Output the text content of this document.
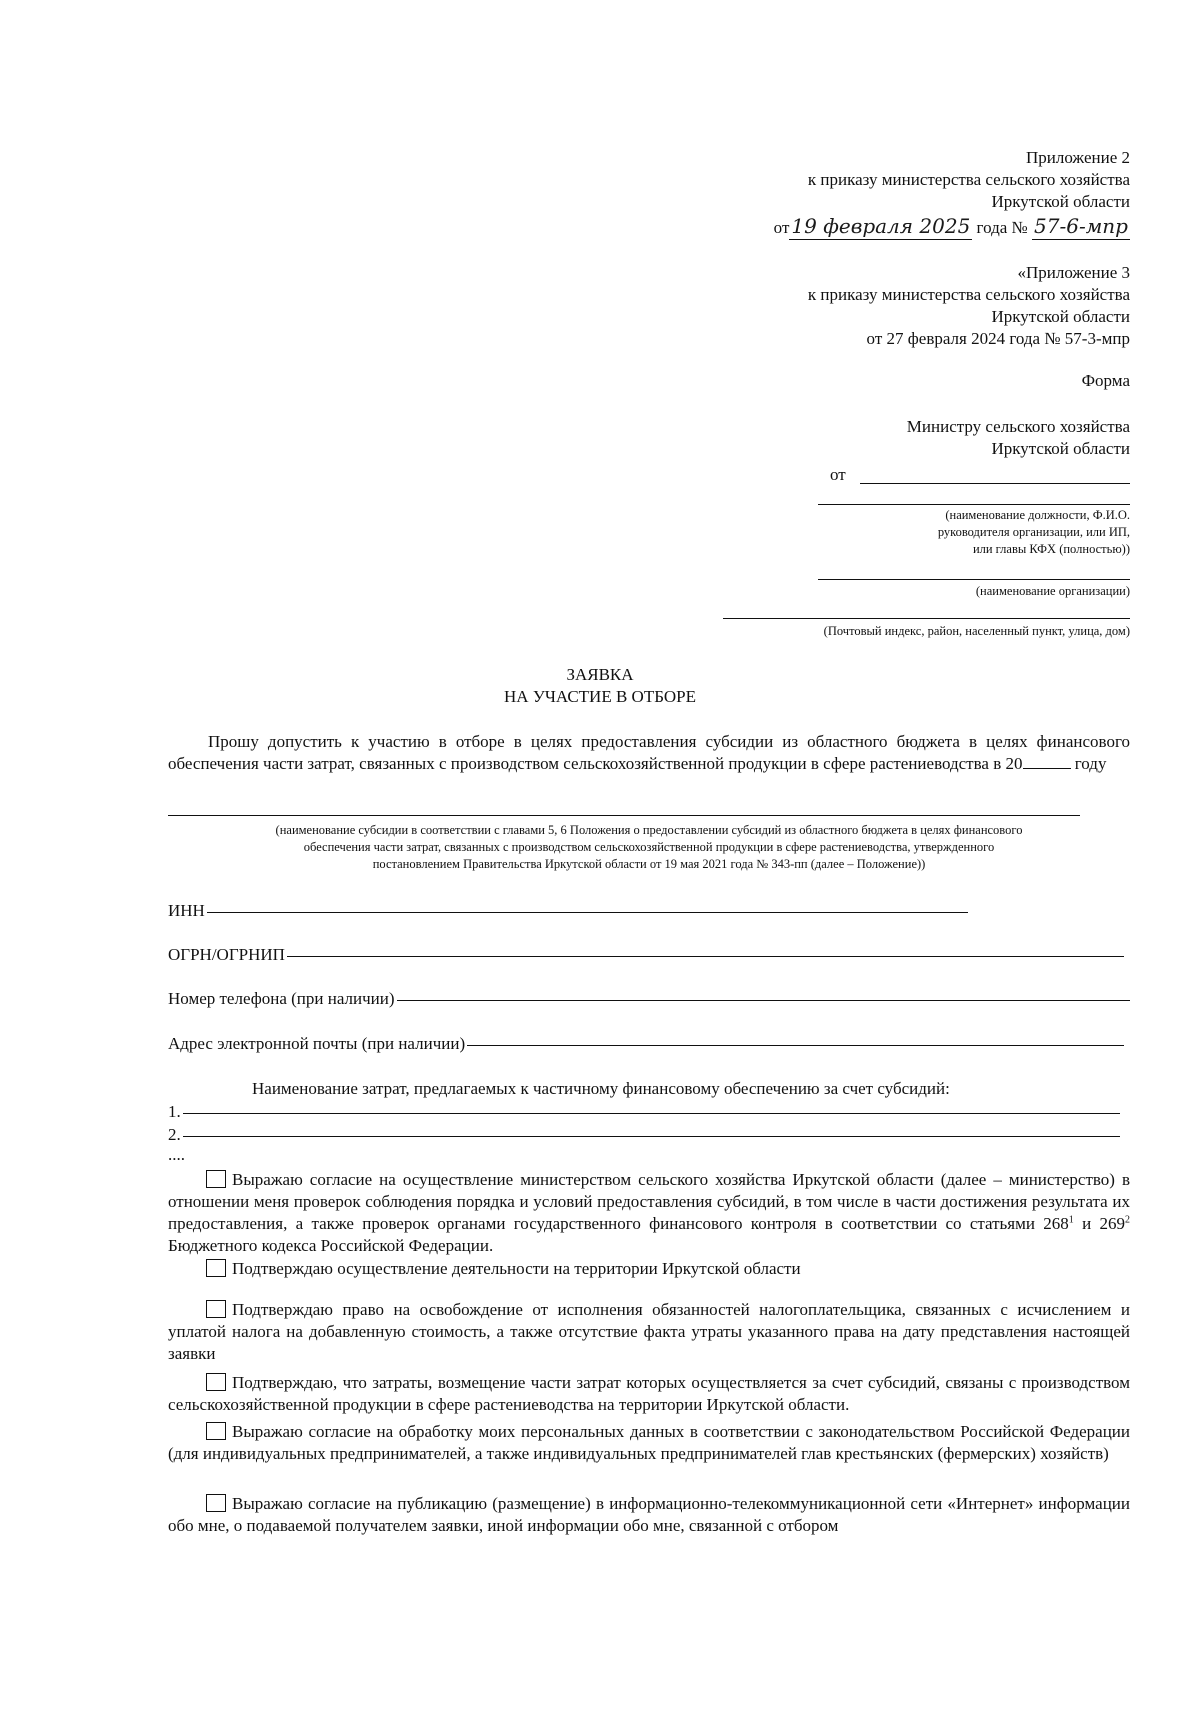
Приложение 2
к приказу министерства сельского хозяйства
Иркутской области
от 19 февраля 2025 года № 57-6-мпр
«Приложение 3
к приказу министерства сельского хозяйства
Иркутской области
от 27 февраля 2024 года № 57-3-мпр
Форма
Министру сельского хозяйства
Иркутской области
от
(наименование должности, Ф.И.О.
руководителя организации, или ИП,
или главы КФХ (полностью))
(наименование организации)
(Почтовый индекс, район, населенный пункт, улица, дом)
ЗАЯВКА
НА УЧАСТИЕ В ОТБОРЕ
Прошу допустить к участию в отборе в целях предоставления субсидии из областного бюджета в целях финансового обеспечения части затрат, связанных с производством сельскохозяйственной продукции в сфере растениеводства в 20	году
(наименование субсидии в соответствии с главами 5, 6 Положения о предоставлении субсидий из областного бюджета в целях финансового
обеспечения части затрат, связанных с производством сельскохозяйственной продукции в сфере растениеводства, утвержденного
постановлением Правительства Иркутской области от 19 мая 2021 года № 343-пп (далее – Положение))
ИНН
ОГРН/ОГРНИП
Номер телефона (при наличии)
Адрес электронной почты (при наличии)
Наименование затрат, предлагаемых к частичному финансовому обеспечению за счет субсидий:
1.
2.
....
Выражаю согласие на осуществление министерством сельского хозяйства Иркутской области (далее – министерство) в отношении меня проверок соблюдения порядка и условий предоставления субсидий, в том числе в части достижения результата их предоставления, а также проверок органами государственного финансового контроля в соответствии со статьями $268^1$ и $269^2$ Бюджетного кодекса Российской Федерации.
Подтверждаю осуществление деятельности на территории Иркутской области
Подтверждаю право на освобождение от исполнения обязанностей налогоплательщика, связанных с исчислением и уплатой налога на добавленную стоимость, а также отсутствие факта утраты указанного права на дату представления настоящей заявки
Подтверждаю, что затраты, возмещение части затрат которых осуществляется за счет субсидий, связаны с производством сельскохозяйственной продукции в сфере растениеводства на территории Иркутской области.
Выражаю согласие на обработку моих персональных данных в соответствии с законодательством Российской Федерации (для индивидуальных предпринимателей, а также индивидуальных предпринимателей глав крестьянских (фермерских) хозяйств)
Выражаю согласие на публикацию (размещение) в информационно-телекоммуникационной сети «Интернет» информации обо мне, о подаваемой получателем заявки, иной информации обо мне, связанной с отбором
